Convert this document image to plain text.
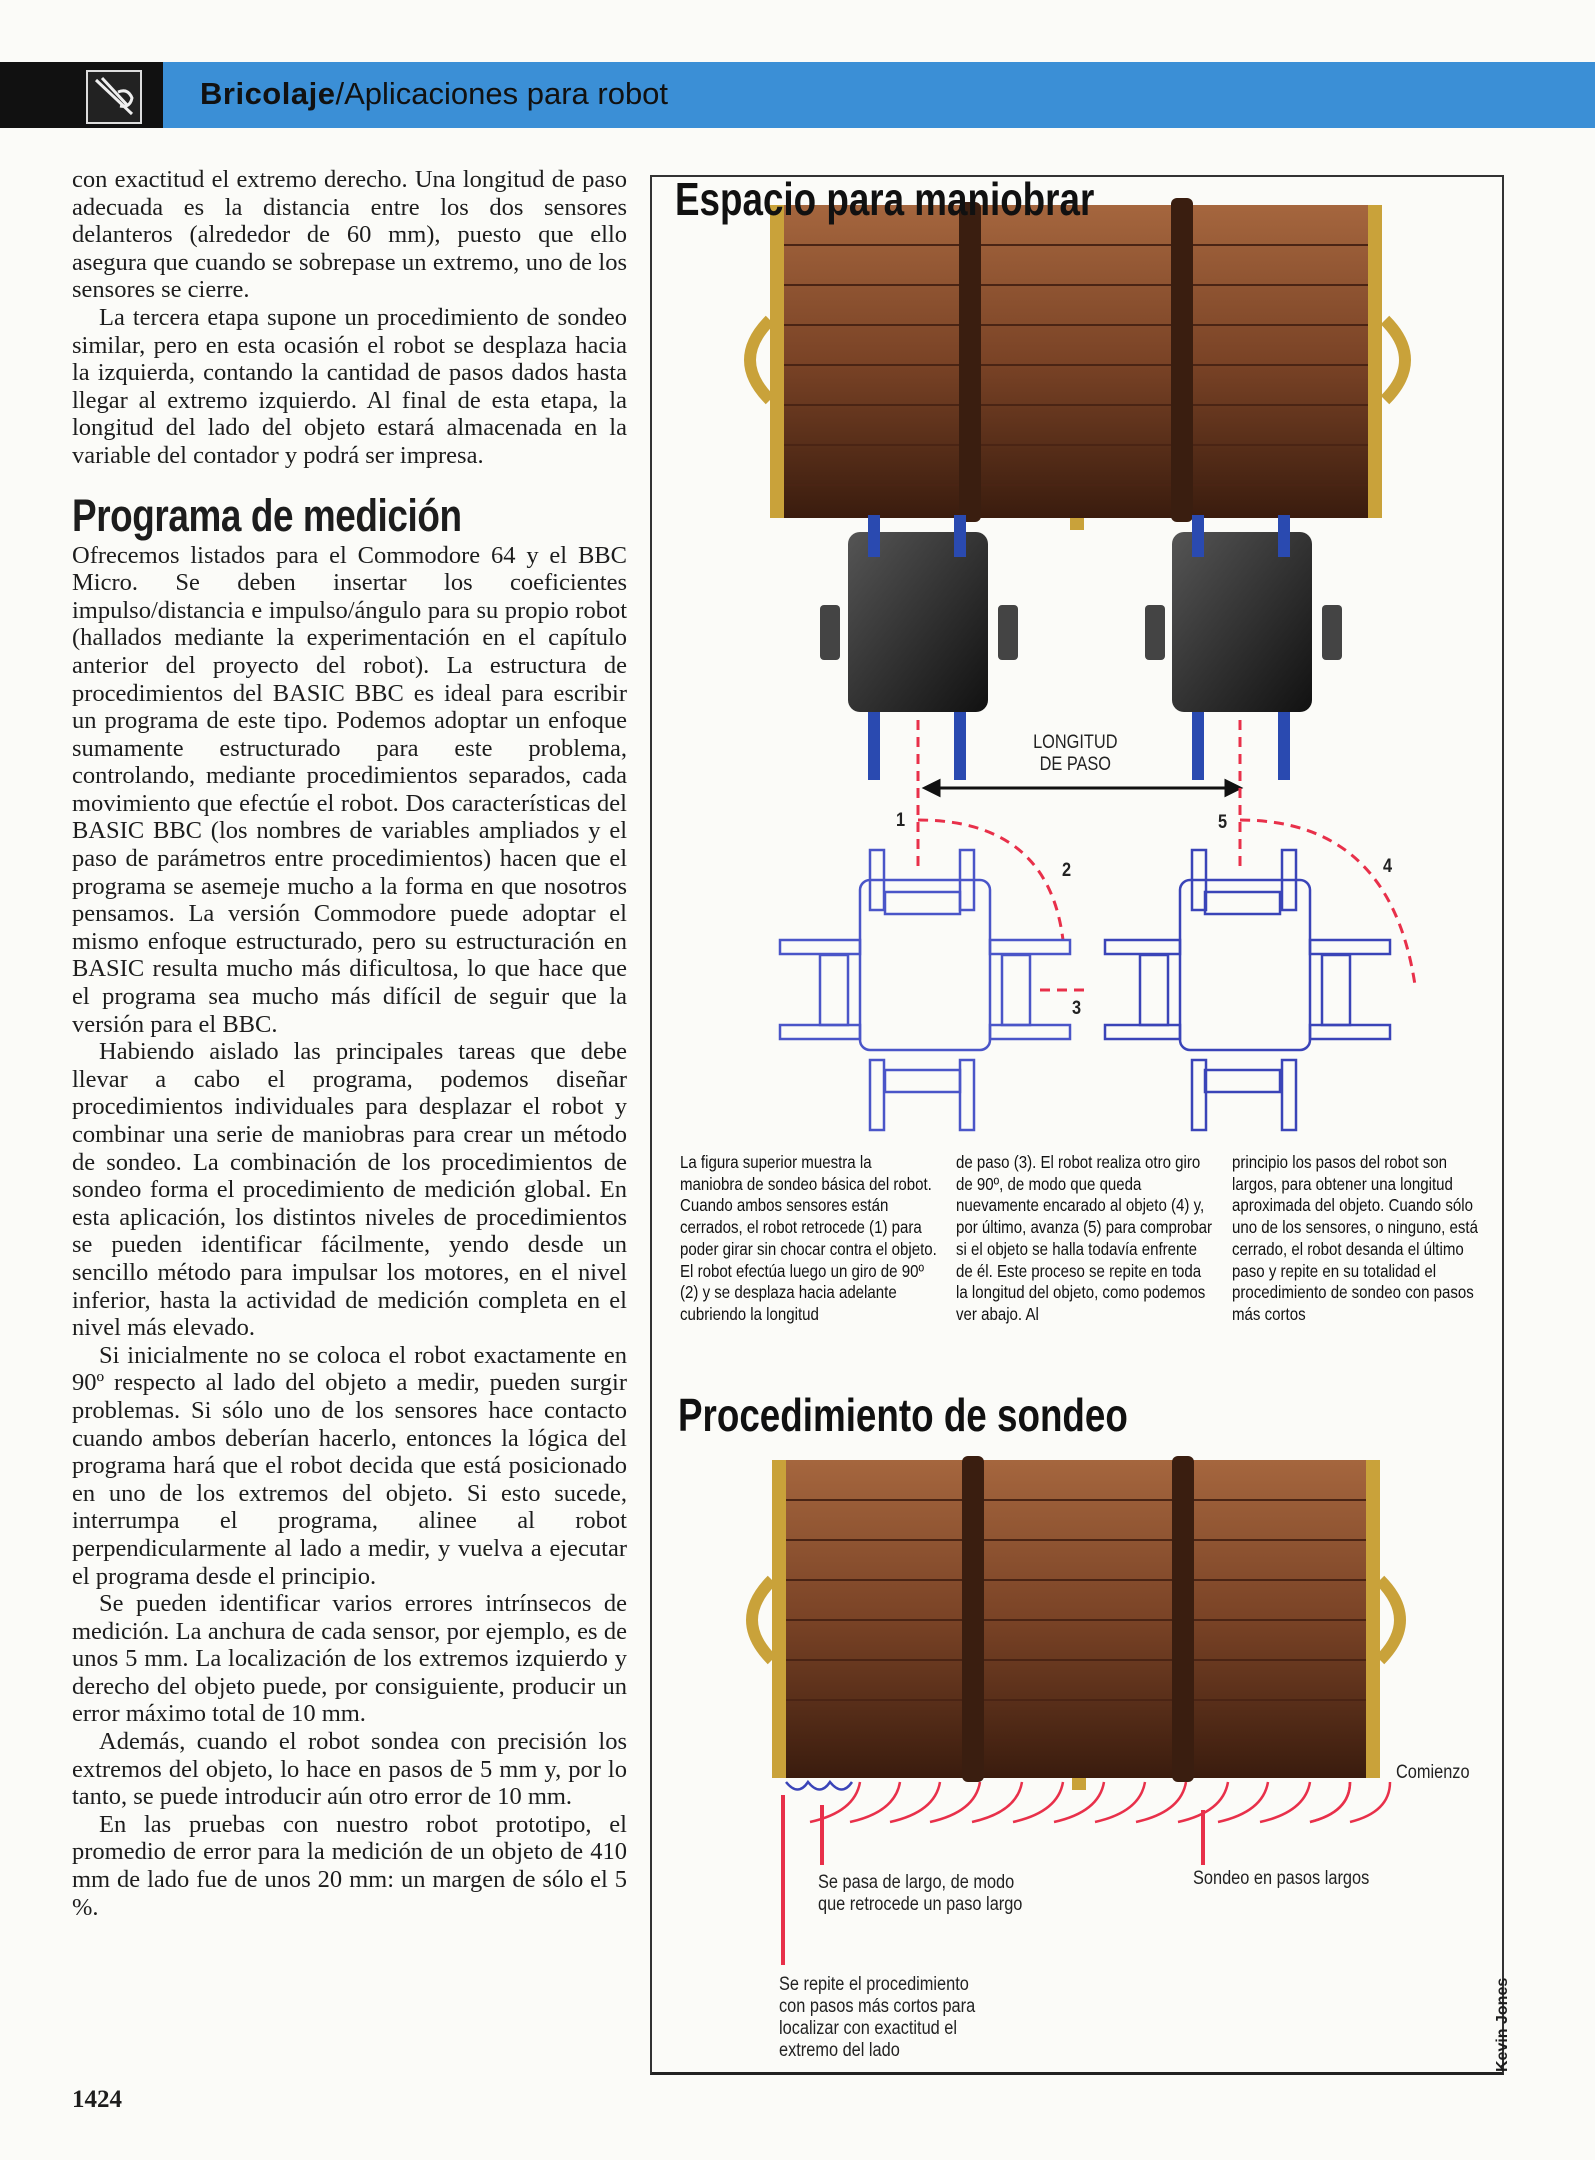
Bricolaje/Aplicaciones para robot

con exactitud el extremo derecho. Una longitud de paso adecuada es la distancia entre los dos sensores delanteros (alrededor de 60 mm), puesto que ello asegura que cuando se sobrepase un extremo, uno de los sensores se cierre.

La tercera etapa supone un procedimiento de sondeo similar, pero en esta ocasión el robot se desplaza hacia la izquierda, contando la cantidad de pasos dados hasta llegar al extremo izquierdo. Al final de esta etapa, la longitud del lado del objeto estará almacenada en la variable del contador y podrá ser impresa.

Programa de medición

Ofrecemos listados para el Commodore 64 y el BBC Micro. Se deben insertar los coeficientes impulso/distancia e impulso/ángulo para su propio robot (hallados mediante la experimentación en el capítulo anterior del proyecto del robot). La estructura de procedimientos del BASIC BBC es ideal para escribir un programa de este tipo. Podemos adoptar un enfoque sumamente estructurado para este problema, controlando, mediante procedimientos separados, cada movimiento que efectúe el robot. Dos características del BASIC BBC (los nombres de variables ampliados y el paso de parámetros entre procedimientos) hacen que el programa se asemeje mucho a la forma en que nosotros pensamos. La versión Commodore puede adoptar el mismo enfoque estructurado, pero su estructuración en BASIC resulta mucho más dificultosa, lo que hace que el programa sea mucho más difícil de seguir que la versión para el BBC.

Habiendo aislado las principales tareas que debe llevar a cabo el programa, podemos diseñar procedimientos individuales para desplazar el robot y combinar una serie de maniobras para crear un método de sondeo. La combinación de los procedimientos de sondeo forma el procedimiento de medición global. En esta aplicación, los distintos niveles de procedimientos se pueden identificar fácilmente, yendo desde un sencillo método para impulsar los motores, en el nivel inferior, hasta la actividad de medición completa en el nivel más elevado.

Si inicialmente no se coloca el robot exactamente en 90º respecto al lado del objeto a medir, pueden surgir problemas. Si sólo uno de los sensores hace contacto cuando ambos deberían hacerlo, entonces la lógica del programa hará que el robot decida que está posicionado en uno de los extremos del objeto. Si esto sucede, interrumpa el programa, alinee al robot perpendicularmente al lado a medir, y vuelva a ejecutar el programa desde el principio.

Se pueden identificar varios errores intrínsecos de medición. La anchura de cada sensor, por ejemplo, es de unos 5 mm. La localización de los extremos izquierdo y derecho del objeto puede, por consiguiente, producir un error máximo total de 10 mm.

Además, cuando el robot sondea con precisión los extremos del objeto, lo hace en pasos de 5 mm y, por lo tanto, se puede introducir aún otro error de 10 mm.

En las pruebas con nuestro robot prototipo, el promedio de error para la medición de un objeto de 410 mm de lado fue de unos 20 mm: un margen de sólo el 5 %.

1424
Espacio para maniobrar
LONGITUD
DE PASO
1
2
3
4
5
La figura superior muestra la maniobra de sondeo básica del robot. Cuando ambos sensores están cerrados, el robot retrocede (1) para poder girar sin chocar contra el objeto. El robot efectúa luego un giro de 90º (2) y se desplaza hacia adelante cubriendo la longitud
de paso (3). El robot realiza otro giro de 90º, de modo que queda nuevamente encarado al objeto (4) y, por último, avanza (5) para comprobar si el objeto se halla todavía enfrente de él. Este proceso se repite en toda la longitud del objeto, como podemos ver abajo. Al
principio los pasos del robot son largos, para obtener una longitud aproximada del objeto. Cuando sólo uno de los sensores, o ninguno, está cerrado, el robot desanda el último paso y repite en su totalidad el procedimiento de sondeo con pasos más cortos
Procedimiento de sondeo
Comienzo
Se pasa de largo, de modo que retrocede un paso largo
Sondeo en pasos largos
Se repite el procedimiento con pasos más cortos para localizar con exactitud el extremo del lado	Kevin Jones
